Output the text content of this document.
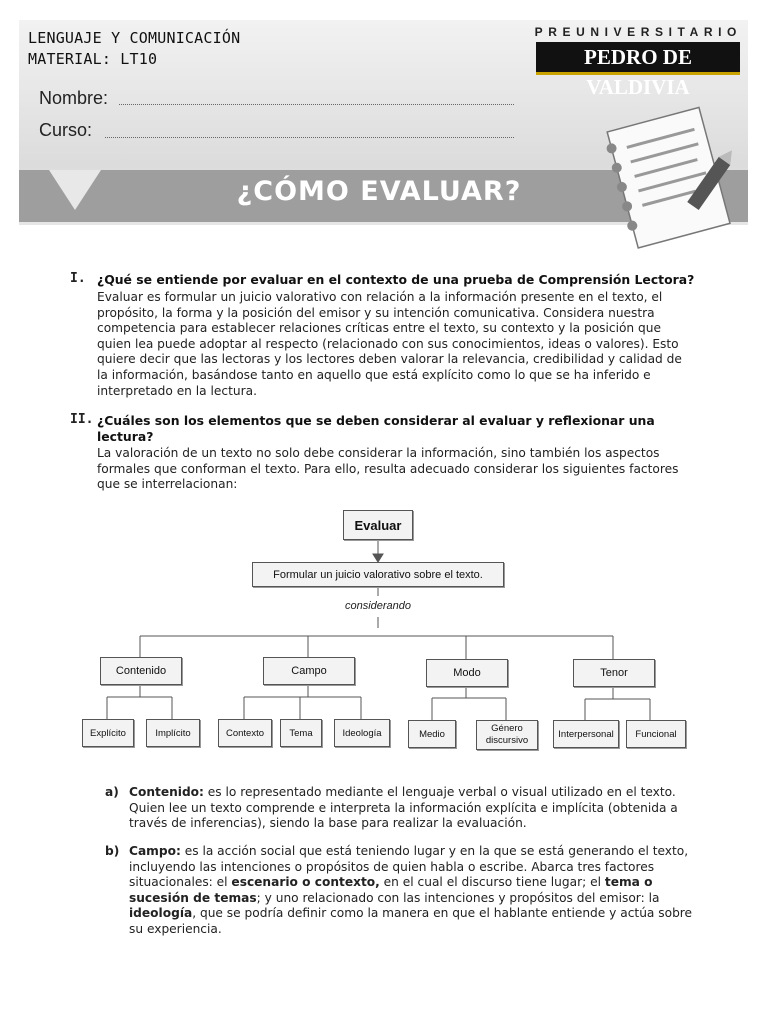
LENGUAJE Y COMUNICACIÓN
MATERIAL: LT10
Nombre:
Curso:
PREUNIVERSITARIO
PEDRO DE VALDIVIA
¿CÓMO EVALUAR?
I. ¿Qué se entiende por evaluar en el contexto de una prueba de Comprensión Lectora?
Evaluar es formular un juicio valorativo con relación a la información presente en el texto, el
propósito, la forma y la posición del emisor y su intención comunicativa. Considera nuestra
competencia para establecer relaciones críticas entre el texto, su contexto y la posición que
quien lea puede adoptar al respecto (relacionado con sus conocimientos, ideas o valores). Esto
quiere decir que las lectoras y los lectores deben valorar la relevancia, credibilidad y calidad de
la información, basándose tanto en aquello que está explícito como lo que se ha inferido e
interpretado en la lectura.
II. ¿Cuáles son los elementos que se deben considerar al evaluar y reflexionar una
lectura?
La valoración de un texto no solo debe considerar la información, sino también los aspectos
formales que conforman el texto. Para ello, resulta adecuado considerar los siguientes factores
que se interrelacionan:
Evaluar
Formular un juicio valorativo sobre el texto.
considerando
Contenido	Campo	Modo	Tenor
Explícito	Implícito	Contexto	Tema	Ideología	Medio	Género discursivo
Interpersonal	Funcional
a) Contenido: es lo representado mediante el lenguaje verbal o visual utilizado en el texto.
Quien lee un texto comprende e interpreta la información explícita e implícita (obtenida a
través de inferencias), siendo la base para realizar la evaluación.
b) Campo: es la acción social que está teniendo lugar y en la que se está generando el texto,
incluyendo las intenciones o propósitos de quien habla o escribe. Abarca tres factores
situacionales: el escenario o contexto, en el cual el discurso tiene lugar; el tema o
sucesión de temas; y uno relacionado con las intenciones y propósitos del emisor: la
ideología, que se podría definir como la manera en que el hablante entiende y actúa sobre
su experiencia.
